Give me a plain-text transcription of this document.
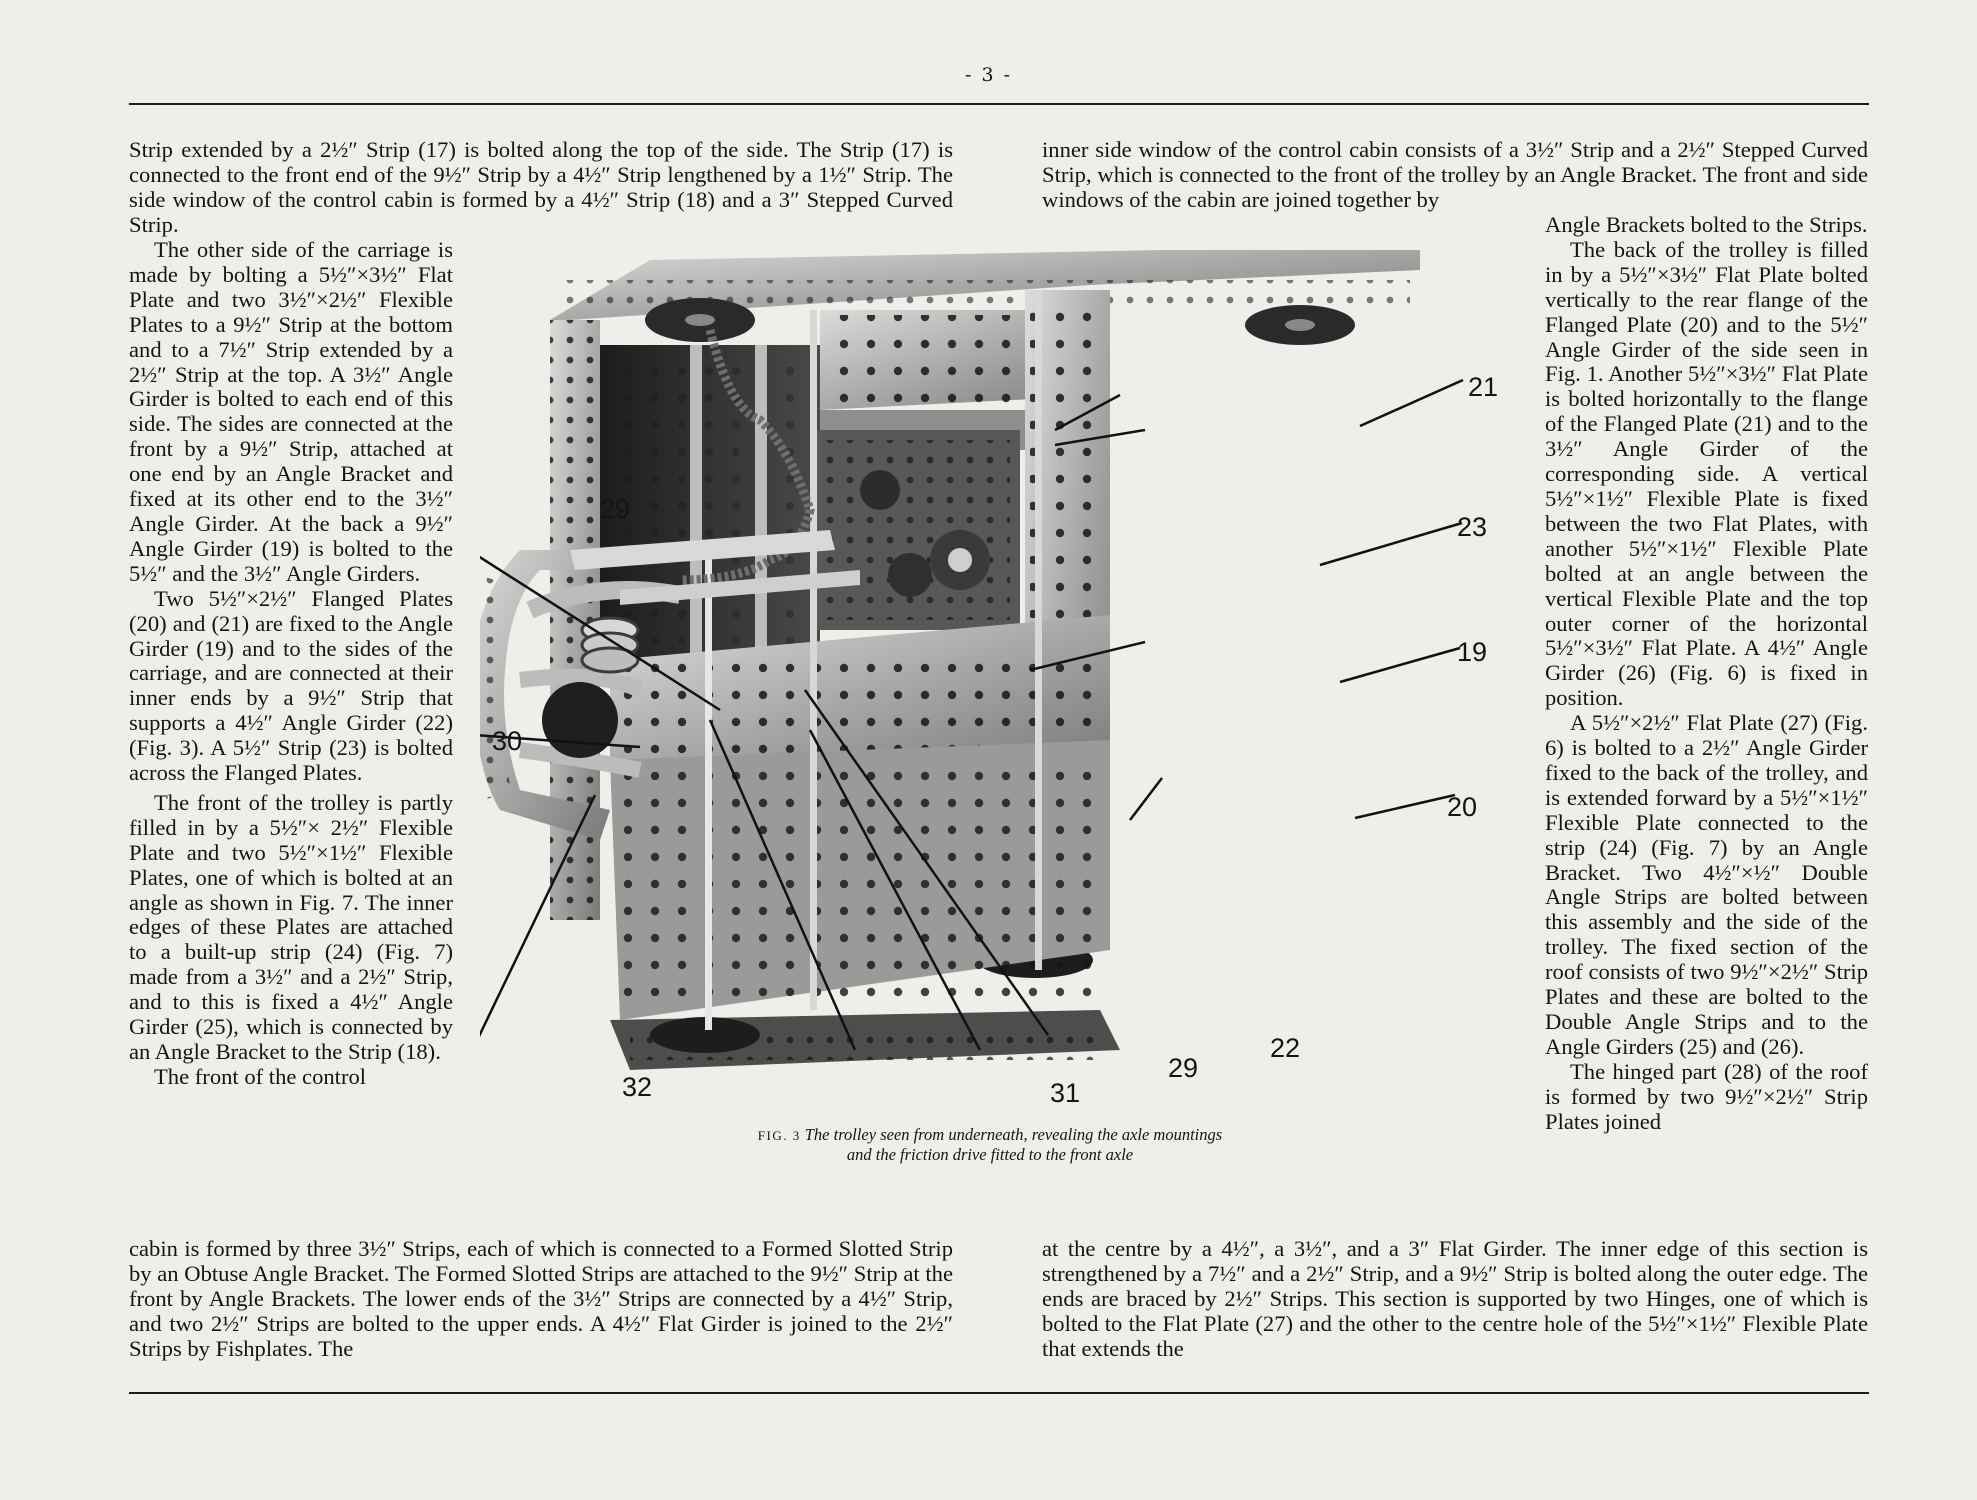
- 3 -

Strip extended by a 2½″ Strip (17) is bolted along the top of the side. The Strip (17) is connected to the front end of the 9½″ Strip by a 4½″ Strip lengthened by a 1½″ Strip. The side window of the control cabin is formed by a 4½″ Strip (18) and a 3″ Stepped Curved Strip.

The other side of the carriage is made by bolting a 5½″×3½″ Flat Plate and two 3½″×2½″ Flexible Plates to a 9½″ Strip at the bottom and to a 7½″ Strip extended by a 2½″ Strip at the top. A 3½″ Angle Girder is bolted to each end of this side. The sides are connected at the front by a 9½″ Strip, attached at one end by an Angle Bracket and fixed at its other end to the 3½″ Angle Girder. At the back a 9½″ Angle Girder (19) is bolted to the 5½″ and the 3½″ Angle Girders.

Two 5½″×2½″ Flanged Plates (20) and (21) are fixed to the Angle Girder (19) and to the sides of the carriage, and are connected at their inner ends by a 9½″ Strip that supports a 4½″ Angle Girder (22) (Fig. 3). A 5½″ Strip (23) is bolted across the Flanged Plates.

The front of the trolley is partly filled in by a 5½″× 2½″ Flexible Plate and two 5½″×1½″ Flexible Plates, one of which is bolted at an angle as shown in Fig. 7. The inner edges of these Plates are attached to a built-up strip (24) (Fig. 7) made from a 3½″ and a 2½″ Strip, and to this is fixed a 4½″ Angle Girder (25), which is connected by an Angle Bracket to the Strip (18).

The front of the control

cabin is formed by three 3½″ Strips, each of which is connected to a Formed Slotted Strip by an Obtuse Angle Bracket. The Formed Slotted Strips are attached to the 9½″ Strip at the front by Angle Brackets. The lower ends of the 3½″ Strips are connected by a 4½″ Strip, and two 2½″ Strips are bolted to the upper ends. A 4½″ Flat Girder is joined to the 2½″ Strips by Fishplates. The

inner side window of the control cabin consists of a 3½″ Strip and a 2½″ Stepped Curved Strip, which is connected to the front of the trolley by an Angle Bracket. The front and side windows of the cabin are joined together by

Angle Brackets bolted to the Strips.

The back of the trolley is filled in by a 5½″×3½″ Flat Plate bolted vertically to the rear flange of the Flanged Plate (20) and to the 5½″ Angle Girder of the side seen in Fig. 1. Another 5½″×3½″ Flat Plate is bolted horizontally to the flange of the Flanged Plate (21) and to the 3½″ Angle Girder of the corresponding side. A vertical 5½″×1½″ Flexible Plate is fixed between the two Flat Plates, with another 5½″×1½″ Flexible Plate bolted at an angle between the vertical Flexible Plate and the top outer corner of the horizontal 5½″×3½″ Flat Plate. A 4½″ Angle Girder (26) (Fig. 6) is fixed in position.

A 5½″×2½″ Flat Plate (27) (Fig. 6) is bolted to a 2½″ Angle Girder fixed to the back of the trolley, and is extended forward by a 5½″×1½″ Flexible Plate connected to the strip (24) (Fig. 7) by an Angle Bracket. Two 4½″×½″ Double Angle Strips are bolted between this assembly and the side of the trolley. The fixed section of the roof consists of two 9½″×2½″ Strip Plates and these are bolted to the Double Angle Strips and to the Angle Girders (25) and (26).

The hinged part (28) of the roof is formed by two 9½″×2½″ Strip Plates joined

at the centre by a 4½″, a 3½″, and a 3″ Flat Girder. The inner edge of this section is strengthened by a 7½″ and a 2½″ Strip, and a 9½″ Strip is bolted along the outer edge. The ends are braced by 2½″ Strips. This section is supported by two Hinges, one of which is bolted to the Flat Plate (27) and the other to the centre hole of the 5½″×1½″ Flexible Plate that extends the

21
23
19
20
29
30
32	31
29
22
FIG. 3 The trolley seen from underneath, revealing the axle mountings
and the friction drive fitted to the front axle
